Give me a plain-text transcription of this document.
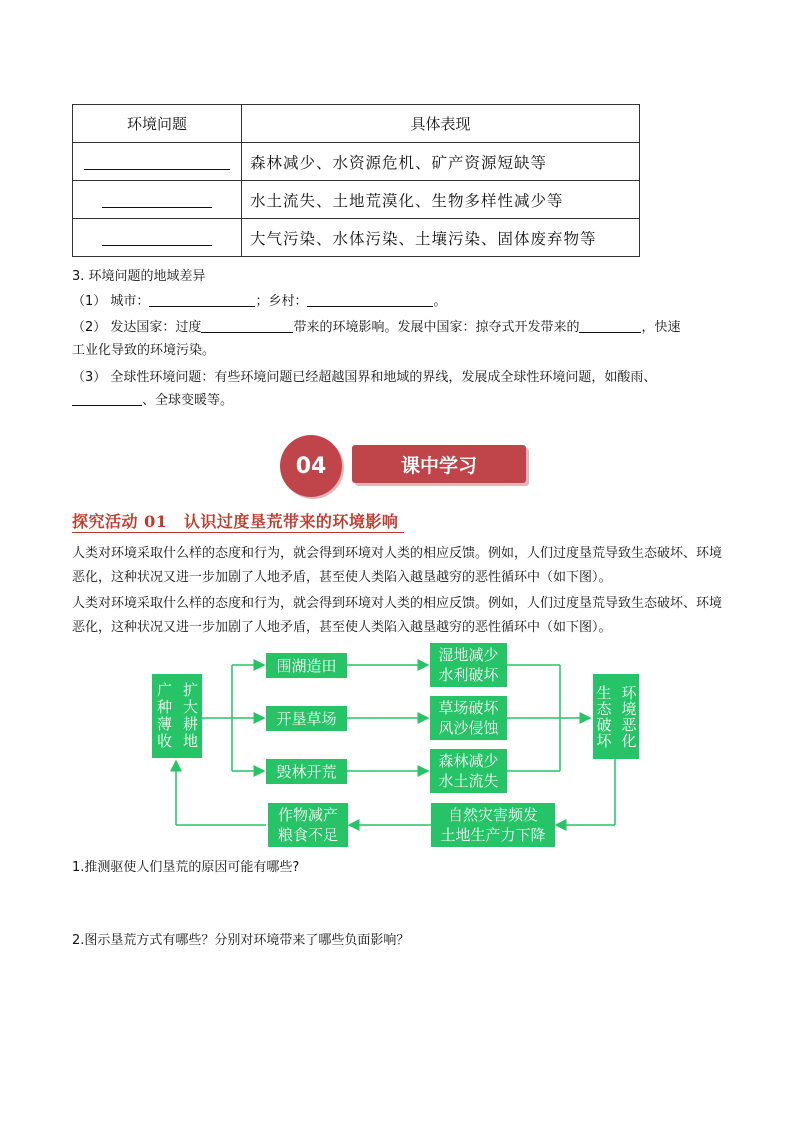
环境问题	具体表现
	森林减少、水资源危机、矿产资源短缺等
	水土流失、土地荒漠化、生物多样性减少等
	大气污染、水体污染、土壤污染、固体废弃物等
3. 环境问题的地域差异
（1） 城市：	；乡村：	。
（2） 发达国家：过度	带来的环境影响。发展中国家：掠夺式开发带来的	，快速
工业化导致的环境污染。
（3） 全球性环境问题：有些环境问题已经超越国界和地域的界线，发展成全球性环境问题，如酸雨、
、全球变暖等。
04	课中学习
探究活动 01　认识过度垦荒带来的环境影响
人类对环境采取什么样的态度和行为，就会得到环境对人类的相应反馈。例如，人们过度垦荒导致生态破坏、环境恶化，这种状况又进一步加剧了人地矛盾，甚至使人类陷入越垦越穷的恶性循环中（如下图）。
人类对环境采取什么样的态度和行为，就会得到环境对人类的相应反馈。例如，人们过度垦荒导致生态破坏、环境恶化，这种状况又进一步加剧了人地矛盾，甚至使人类陷入越垦越穷的恶性循环中（如下图）。
广种薄收 扩大耕地
围湖造田
开垦草场
毁林开荒
湿地减少
水利破坏
草场破坏
风沙侵蚀
森林减少
水土流失
生态破坏 环境恶化
自然灾害频发
土地生产力下降
作物减产
粮食不足
1.推测驱使人们垦荒的原因可能有哪些?
2.图示垦荒方式有哪些？分别对环境带来了哪些负面影响？
